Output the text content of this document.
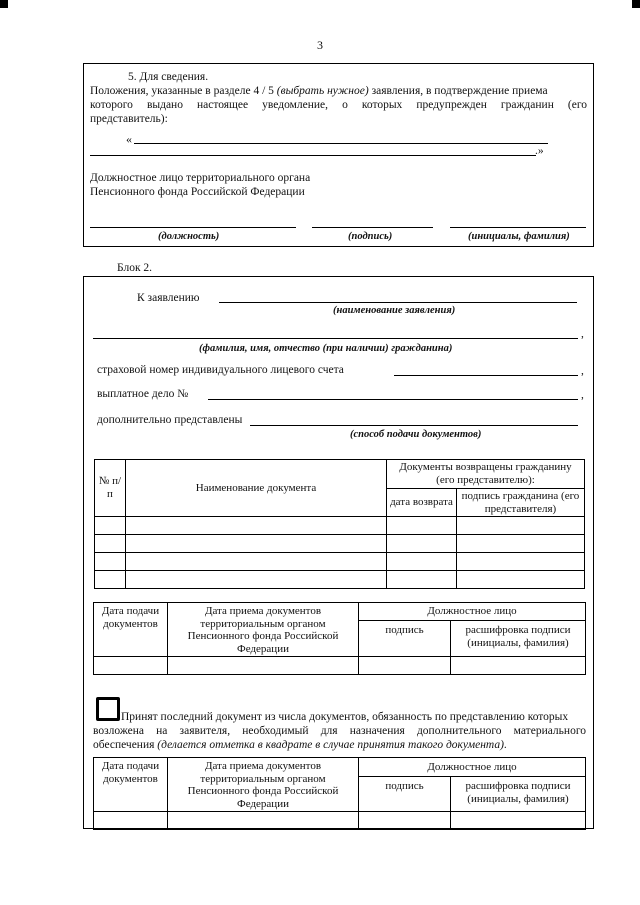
3
5. Для сведения.
Положения, указанные в разделе 4 / 5 (выбрать нужное) заявления, в подтверждение приема
которого выдано настоящее уведомление, о которых предупрежден гражданин (его
представитель):
«
.»
Должностное лицо территориального органа
Пенсионного фонда Российской Федерации
(должность)	(подпись)	(инициалы, фамилия)
Блок 2.
К заявлению
(наименование заявления)
,
(фамилия, имя, отчество (при наличии) гражданина)
страховой номер индивидуального лицевого счета	,
выплатное дело №	,
дополнительно представлены
(способ подачи документов)
№ п/п	Наименование документа	Документы возвращены гражданину (его представителю):	
		дата возврата	подпись гражданина (его представителя)

Дата подачи документов	Дата приема документов территориальным органом Пенсионного фонда Российской Федерации	Должностное лицо	
		подпись	расшифровка подписи (инициалы, фамилия)

Принят последний документ из числа документов, обязанность по представлению которых
возложена на заявителя, необходимый для назначения дополнительного материального
обеспечения (делается отметка в квадрате в случае принятия такого документа).
Дата подачи документов	Дата приема документов территориальным органом Пенсионного фонда Российской Федерации	Должностное лицо	
		подпись	расшифровка подписи (инициалы, фамилия)
